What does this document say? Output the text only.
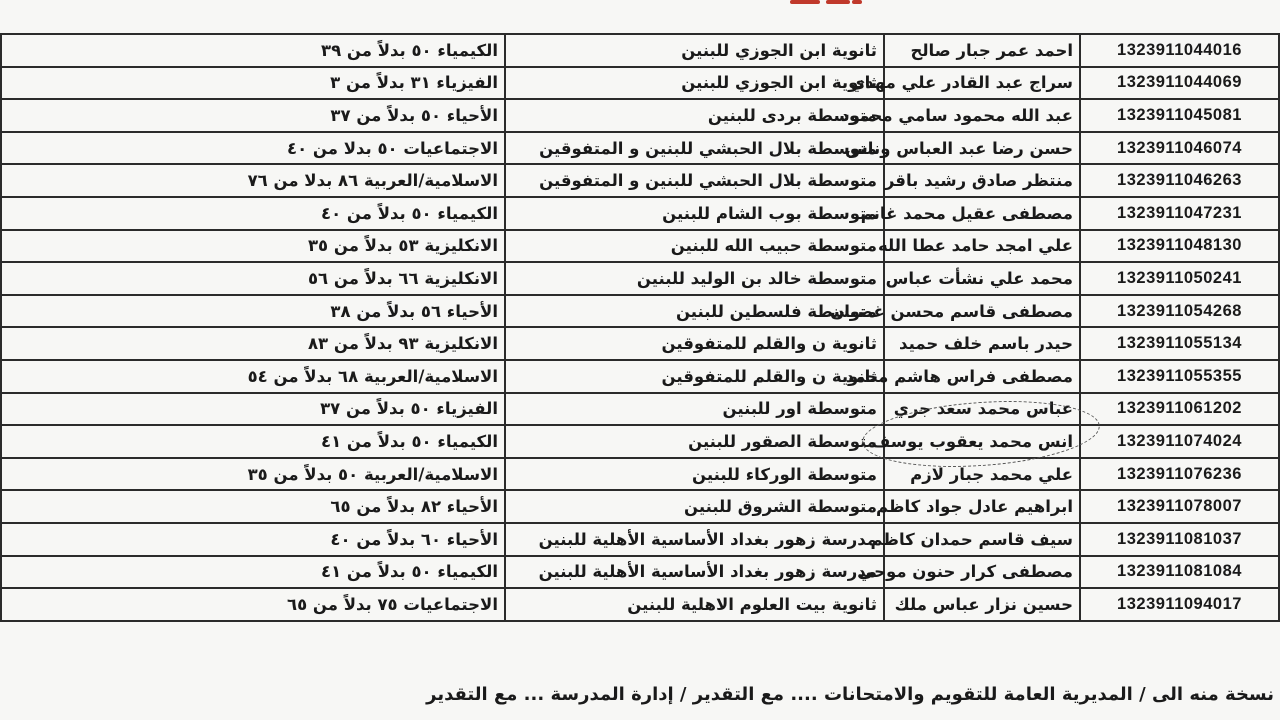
1323911044016	احمد عمر جبار صالح	ثانوية ابن الجوزي للبنين	الكيمياء ٥٠ بدلاً من ٣٩
1323911044069	سراج عبد القادر علي مهدي	ثانوية ابن الجوزي للبنين	الفيزياء ٣١ بدلاً من ٣
1323911045081	عبد الله محمود سامي محمود	متوسطة بردى للبنين	الأحياء ٥٠ بدلاً من ٣٧
1323911046074	حسن رضا عبد العباس وناس	متوسطة بلال الحبشي للبنين و المتفوقين	الاجتماعيات ٥٠ بدلا من ٤٠
1323911046263	منتظر صادق رشيد باقر	متوسطة بلال الحبشي للبنين و المتفوقين	الاسلامية/العربية ٨٦ بدلا من ٧٦
1323911047231	مصطفى عقيل محمد غانم	متوسطة بوب الشام للبنين	الكيمياء ٥٠ بدلاً من ٤٠
1323911048130	علي امجد حامد عطا الله	متوسطة حبيب الله للبنين	الانكليزية ٥٣ بدلاً من ٣٥
1323911050241	محمد علي نشأت عباس	متوسطة خالد بن الوليد للبنين	الانكليزية ٦٦ بدلاً من ٥٦
1323911054268	مصطفى قاسم محسن غضبان	متوسطة فلسطين للبنين	الأحياء ٥٦ بدلاً من ٣٨
1323911055134	حيدر باسم خلف حميد	ثانوية ن والقلم للمتفوقين	الانكليزية ٩٣ بدلاً من ٨٣
1323911055355	مصطفى فراس هاشم محمد	ثانوية ن والقلم للمتفوقين	الاسلامية/العربية ٦٨ بدلاً من ٥٤
1323911061202	عباس محمد سعد جري	متوسطة اور للبنين	الفيزياء ٥٠ بدلاً من ٣٧
1323911074024	انس محمد يعقوب يوسف	متوسطة الصقور للبنين	الكيمياء ٥٠ بدلاً من ٤١
1323911076236	علي محمد جبار لازم	متوسطة الوركاء للبنين	الاسلامية/العربية ٥٠ بدلاً من ٣٥
1323911078007	ابراهيم عادل جواد كاظم	متوسطة الشروق للبنين	الأحياء ٨٢ بدلاً من ٦٥
1323911081037	سيف قاسم حمدان كاظم	مدرسة زهور بغداد الأساسية الأهلية للبنين	الأحياء ٦٠ بدلاً من ٤٠
1323911081084	مصطفى كرار حنون موحي	مدرسة زهور بغداد الأساسية الأهلية للبنين	الكيمياء ٥٠ بدلاً من ٤١
1323911094017	حسين نزار عباس ملك	ثانوية بيت العلوم الاهلية للبنين	الاجتماعيات ٧٥ بدلاً من ٦٥
نسخة منه الى / المديرية العامة للتقويم والامتحانات .... مع التقدير / إدارة المدرسة ... مع التقدير
